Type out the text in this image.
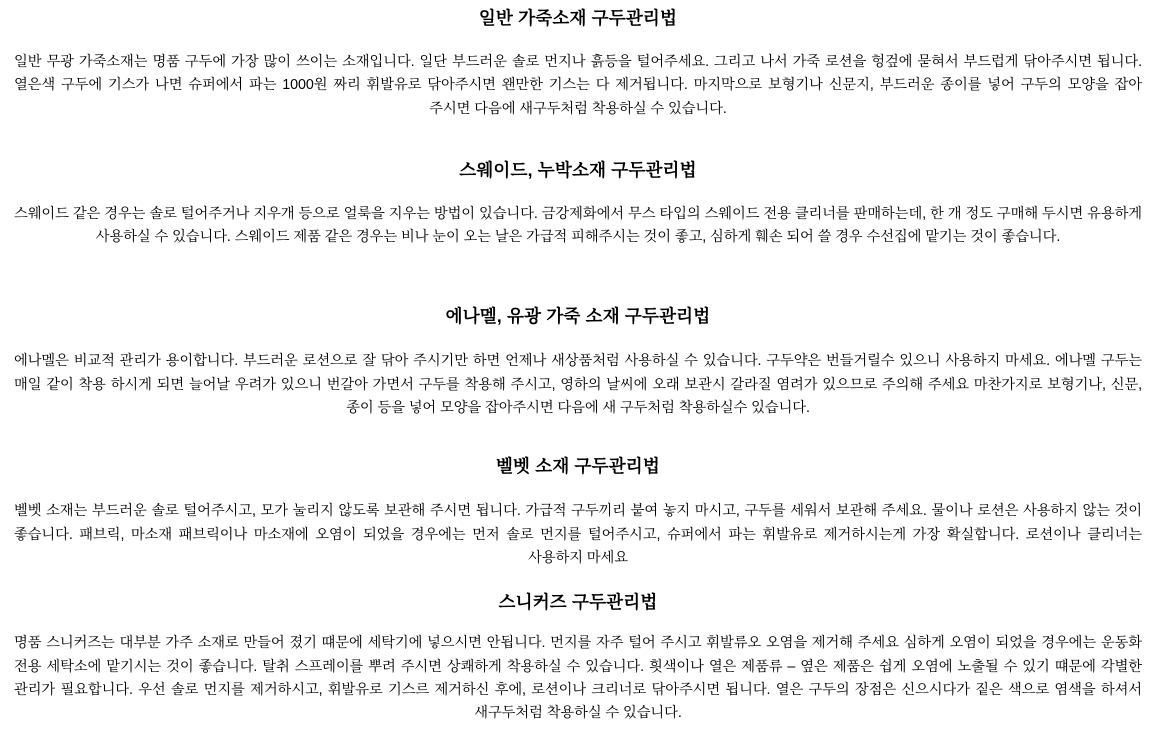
일반 가죽소재 구두관리법
일반 무광 가죽소재는 명품 구두에 가장 많이 쓰이는 소재입니다. 일단 부드러운 솔로 먼지나 흙등을 털어주세요. 그리고 나서 가죽 로션을 헝겊에 묻혀서 부드럽게 닦아주시면 됩니다. 열은색 구두에 기스가 나면 슈퍼에서 파는 1000원 짜리 휘발유로 닦아주시면 왠만한 기스는 다 제거됩니다. 마지막으로 보형기나 신문지, 부드러운 종이를 넣어 구두의 모양을 잡아 주시면 다음에 새구두처럼 착용하실 수 있습니다.
스웨이드, 누박소재 구두관리법
스웨이드 같은 경우는 솔로 털어주거나 지우개 등으로 얼룩을 지우는 방법이 있습니다. 금강제화에서 무스 타입의 스웨이드 전용 클리너를 판매하는데, 한 개 정도 구매해 두시면 유용하게 사용하실 수 있습니다. 스웨이드 제품 같은 경우는 비나 눈이 오는 날은 가급적 피해주시는 것이 좋고, 심하게 훼손 되어 쓸 경우 수선집에 맡기는 것이 좋습니다.
에나멜, 유광 가죽 소재 구두관리법
에나멜은 비교적 관리가 용이합니다. 부드러운 로션으로 잘 닦아 주시기만 하면 언제나 새상품처럼 사용하실 수 있습니다. 구두약은 번들거릴수 있으니 사용하지 마세요. 에나멜 구두는 매일 같이 착용 하시게 되면 늘어날 우려가 있으니 번갈아 가면서 구두를 착용해 주시고, 영하의 날씨에 오래 보관시 갈라질 염려가 있으므로 주의해 주세요 마찬가지로 보형기나, 신문, 종이 등을 넣어 모양을 잡아주시면 다음에 새 구두처럼 착용하실수 있습니다.
벨벳 소재 구두관리법
벨벳 소재는 부드러운 솔로 털어주시고, 모가 눌리지 않도록 보관해 주시면 됩니다. 가급적 구두끼리 붙여 놓지 마시고, 구두를 세워서 보관해 주세요. 물이나 로션은 사용하지 않는 것이 좋습니다. 패브릭, 마소재 패브릭이나 마소재에 오염이 되었을 경우에는 먼저 솔로 먼지를 털어주시고, 슈퍼에서 파는 휘발유로 제거하시는게 가장 확실합니다. 로션이나 클리너는 사용하지 마세요
스니커즈 구두관리법
명품 스니커즈는 대부분 가주 소재로 만들어 졌기 떄문에 세탁기에 넣으시면 안됩니다. 먼지를 자주 털어 주시고 휘발류오 오염을 제거해 주세요 심하게 오염이 되었을 경우에는 운동화 전용 세탁소에 맡기시는 것이 좋습니다. 탈취 스프레이를 뿌려 주시면 상쾌하게 착용하실 수 있습니다. 흿색이나 열은 제품류 – 옆은 제품은 쉽게 오염에 노출될 수 있기 떄문에 각별한 관리가 필요합니다. 우선 솔로 먼지를 제거하시고, 휘발유로 기스르 제거하신 후에, 로션이나 크리너로 닦아주시면 됩니다. 열은 구두의 장점은 신으시다가 짙은 색으로 염색을 하셔서 새구두처럼 착용하실 수 있습니다.
